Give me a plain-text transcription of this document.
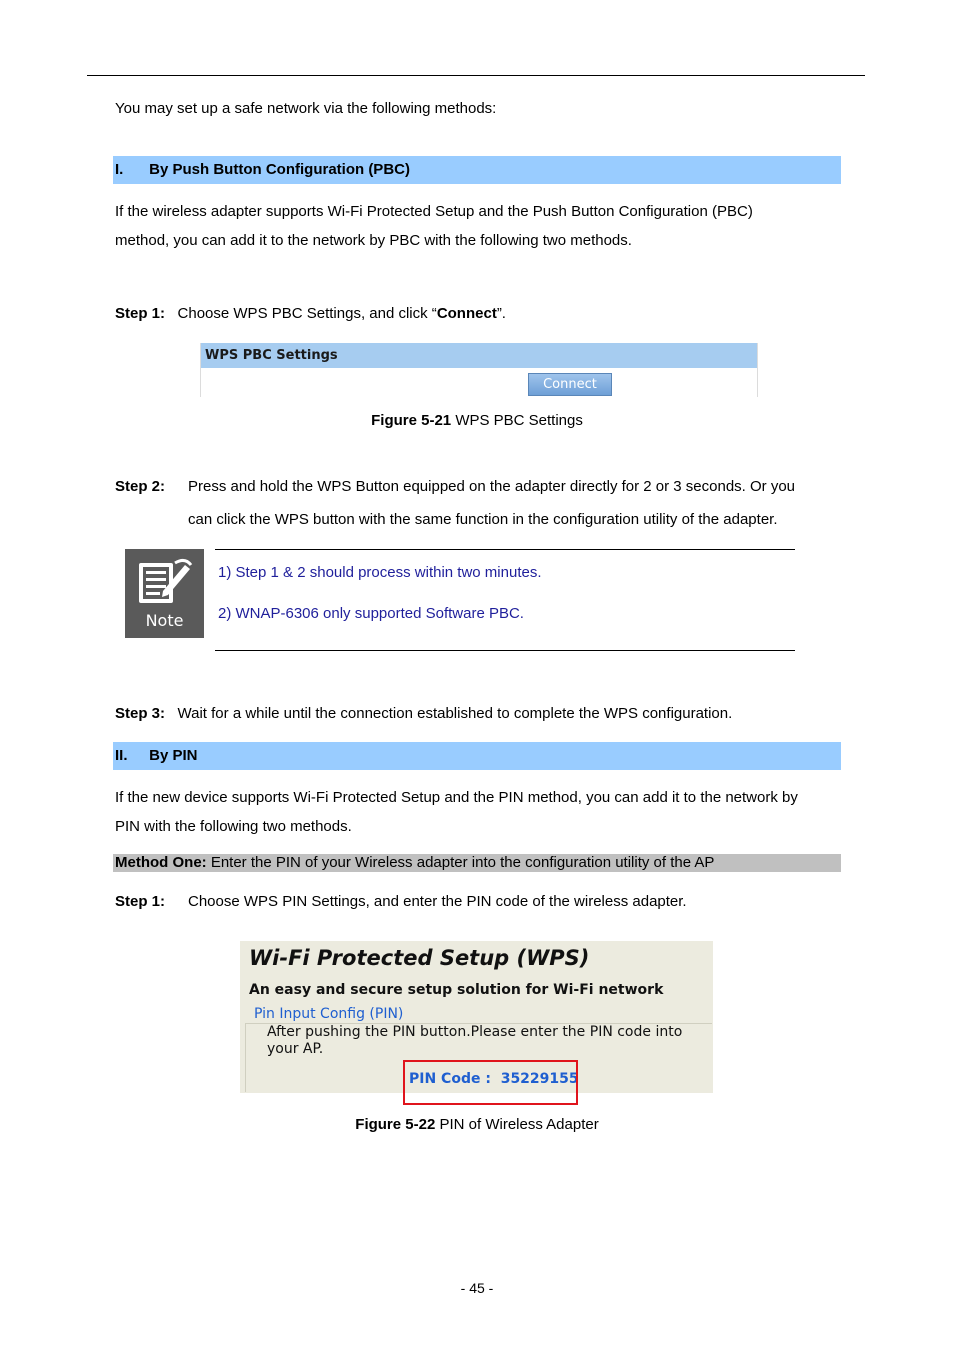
You may set up a safe network via the following methods:
I. By Push Button Configuration (PBC)
If the wireless adapter supports Wi-Fi Protected Setup and the Push Button Configuration (PBC)
method, you can add it to the network by PBC with the following two methods.
Step 1: Choose WPS PBC Settings, and click “Connect”.
WPS PBC Settings
Connect
Figure 5-21 WPS PBC Settings
Step 2: Press and hold the WPS Button equipped on the adapter directly for 2 or 3 seconds. Or you
can click the WPS button with the same function in the configuration utility of the adapter.
Note
1) Step 1 & 2 should process within two minutes.
2) WNAP-6306 only supported Software PBC.
Step 3: Wait for a while until the connection established to complete the WPS configuration.
II. By PIN
If the new device supports Wi-Fi Protected Setup and the PIN method, you can add it to the network by
PIN with the following two methods.
Method One: Enter the PIN of your Wireless adapter into the configuration utility of the AP
Step 1: Choose WPS PIN Settings, and enter the PIN code of the wireless adapter.
Wi-Fi Protected Setup (WPS)
An easy and secure setup solution for Wi-Fi network
Pin Input Config (PIN)
After pushing the PIN button.Please enter the PIN code into your AP.
PIN Code : 35229155
Figure 5-22 PIN of Wireless Adapter
- 45 -
